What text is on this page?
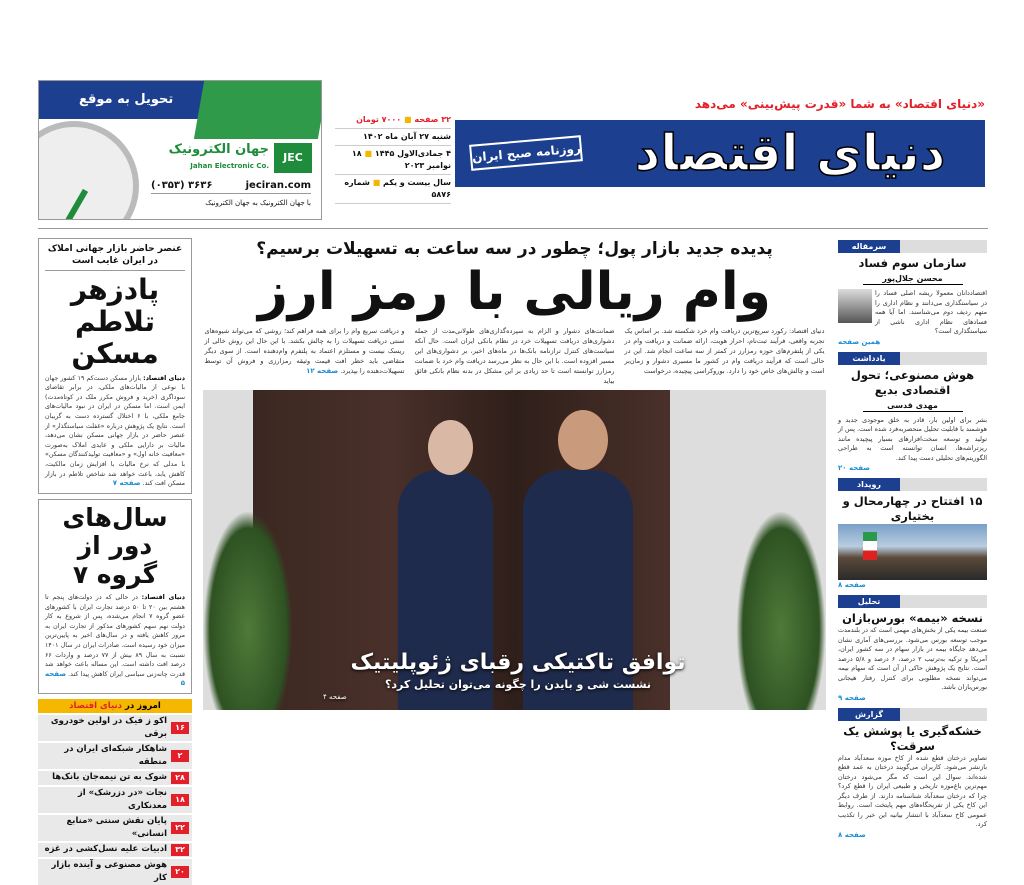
تحویل به موقع
JEC
جهان الکترونیک
Jahan Electronic Co.
(۰۳۵۳) ۳۶۳۶	jeciran.com
با جهان الکترونیک به جهان الکترونیک
«دنیای اقتصاد» به شما «قدرت پیش‌بینی» می‌دهد
دنیای اقتصاد
روزنامه صبح ایران
۳۲ صفحه ■ ۷۰۰۰ تومان
شنبه ۲۷ آبان ماه ۱۴۰۲
۴ جمادی‌الاول ۱۴۴۵ ■ ۱۸ نوامبر ۲۰۲۳
سال بیست و یکم ■ شماره ۵۸۷۶
عنصر حاضر بازار جهانی املاک در ایران غایب است
پادزهر
تلاطم مسکن
دنیای اقتصاد: بازار مسکن دست‌کم ۱۹ کشور جهان با نوعی از مالیات‌های ملکی، در برابر تقاضای سوداگری (خرید و فروش مکرر ملک در کوتاه‌مدت) ایمن است. اما مسکن در ایران در نبود مالیات‌های جامع ملکی، با ۶ اختلال گسترده دست به گریبان است. نتایج یک پژوهش درباره «غفلت سیاستگذار» از عنصر حاضر در بازار جهانی مسکن نشان می‌دهد، مالیات بر دارایی ملکی و عایدی املاک به‌صورت «معافیت خانه اول» و «معافیت تولیدکنندگان مسکن» با مدلی که نرخ مالیات با افزایش زمان مالکیت، کاهش یابد، باعث خواهد شد شاخص تلاطم در بازار مسکن افت کند. صفحه ۷
سال‌های
دور از گروه ۷
دنیای اقتصاد: در حالی که در دولت‌های پنجم تا هشتم بین ۲۰ تا ۵۰ درصد تجارت ایران با کشورهای عضو گروه ۷ انجام می‌شده، پس از شروع به کار دولت نهم سهم کشورهای مذکور از تجارت ایران به مرور کاهش یافته و در سال‌های اخیر به پایین‌ترین میزان خود رسیده است. صادرات ایران در سال ۱۴۰۱ نسبت به سال ۸۹ بیش از ۷۷ درصد و واردات ۶۶ درصد افت داشته است. این مساله باعث خواهد شد قدرت چانه‌زنی سیاسی ایران کاهش پیدا کند. صفحه ۵
امروز در دنیای اقتصاد
۱۶
اکو ز فیک در اولین خودروی برقی
۲
شاهکار شبکه‌ای ایران در منطقه
۲۸
شوک به تن نیمه‌جان بانک‌ها
۱۸
نجات «در دزرشک» از معدنکاری
۲۲
پایان نقش سنتی «منابع انسانی»
۳۲
ادبیات علیه نسل‌کشی در غزه
۲۰
هوش مصنوعی و آینده بازار کار
پدیده جدید بازار پول؛ چطور در سه ساعت به تسهیلات برسیم؟
وام ریالی با رمز ارز
دنیای اقتصاد: رکورد سریع‌ترین دریافت وام خرد شکسته شد. بر اساس یک تجربه واقعی، فرآیند ثبت‌نام، احراز هویت، ارائه ضمانت و دریافت وام در یکی از پلتفرم‌های حوزه رمزارز در کمتر از سه ساعت انجام شد. این در حالی است که فرآیند دریافت وام در کشور ما مسیری دشوار و زمان‌بر است و چالش‌های خاص خود را دارد. بوروکراسی پیچیده، درخواست
ضمانت‌های دشوار و الزام به سپرده‌گذاری‌های طولانی‌مدت از جمله دشواری‌های دریافت تسهیلات خرد در نظام بانکی ایران است. حال آنکه سیاست‌های کنترل ترازنامه بانک‌ها در ماه‌های اخیر، بر دشواری‌های این مسیر افزوده است. با این حال به نظر می‌رسد دریافت وام خرد با ضمانت رمزارز توانسته است تا حد زیادی بر این مشکل در بدنه نظام بانکی فائق بیاید
و دریافت سریع وام را برای همه فراهم کند؛ روشی که می‌تواند شیوه‌های سنتی دریافت تسهیلات را به چالش بکشد. با این حال این روش خالی از ریسک نیست و مستلزم اعتماد به پلتفرم وام‌دهنده است. از سوی دیگر متقاضی باید خطر افت قیمت وثیقه رمزارزی و فروش آن توسط تسهیلات‌دهنده را بپذیرد. صفحه ۱۲
توافق تاکتیکی رقبای ژئوپلیتیک
نشست شی و بایدن را چگونه می‌توان تحلیل کرد؟
صفحه ۴
سرمقاله
سازمان سوم فساد
محسن جلال‌پور
اقتصاددانان معمولا ریشه اصلی فساد را در سیاستگذاری می‌دانند و نظام اداری را متهم ردیف دوم می‌شناسند. اما آیا همه فسادهای نظام اداری ناشی از سیاستگذاری است؟
همین صفحه
یادداشت
هوش مصنوعی؛ تحول اقتصادی بدیع
مهدی قدسی
بشر برای اولین بار، قادر به خلق موجودی جدید و هوشمند با قابلیت تحلیل منحصربه‌فرد شده است. پس از تولید و توسعه سخت‌افزارهای بسیار پیچیده مانند ریزتراشه‌ها، انسان توانسته است به طراحی الگوریتم‌های تحلیلی دست پیدا کند.
صفحه ۲۰
رویداد
۱۵ افتتاح در چهارمحال و بختیاری
صفحه ۸
تحلیل
نسخه «بیمه» بورس‌بازان
صنعت بیمه یکی از بخش‌های مهمی است که در بلندمدت موجب توسعه بورس می‌شود. بررسی‌های آماری نشان می‌دهد جایگاه بیمه در بازار سهام در سه کشور ایران، آمریکا و ترکیه به‌ترتیب ۲ درصد، ۶ درصد و ۵/۸ درصد است. نتایج یک پژوهش حاکی از آن است که سهام بیمه می‌تواند نسخه مطلوبی برای کنترل رفتار هیجانی بورس‌بازان باشد.
صفحه ۹
گزارش
خشکه‌گیری یا پوشش یک سرقت؟
تصاویر درختان قطع شده از کاخ موزه سعدآباد مدام بازنشر می‌شود. کاربران می‌گویند درختان به عمد قطع شده‌اند. سوال این است که مگر می‌شود درختان مهم‌ترین باغ‌موزه تاریخی و طبیعی ایران را قطع کرد؟ چرا که درختان سعدآباد شناسنامه دارند. از طرف دیگر این کاخ یکی از تفریحگاه‌های مهم پایتخت است. روابط عمومی کاخ سعدآباد با انتشار بیانیه این خبر را تکذیب کرد.
صفحه ۸
